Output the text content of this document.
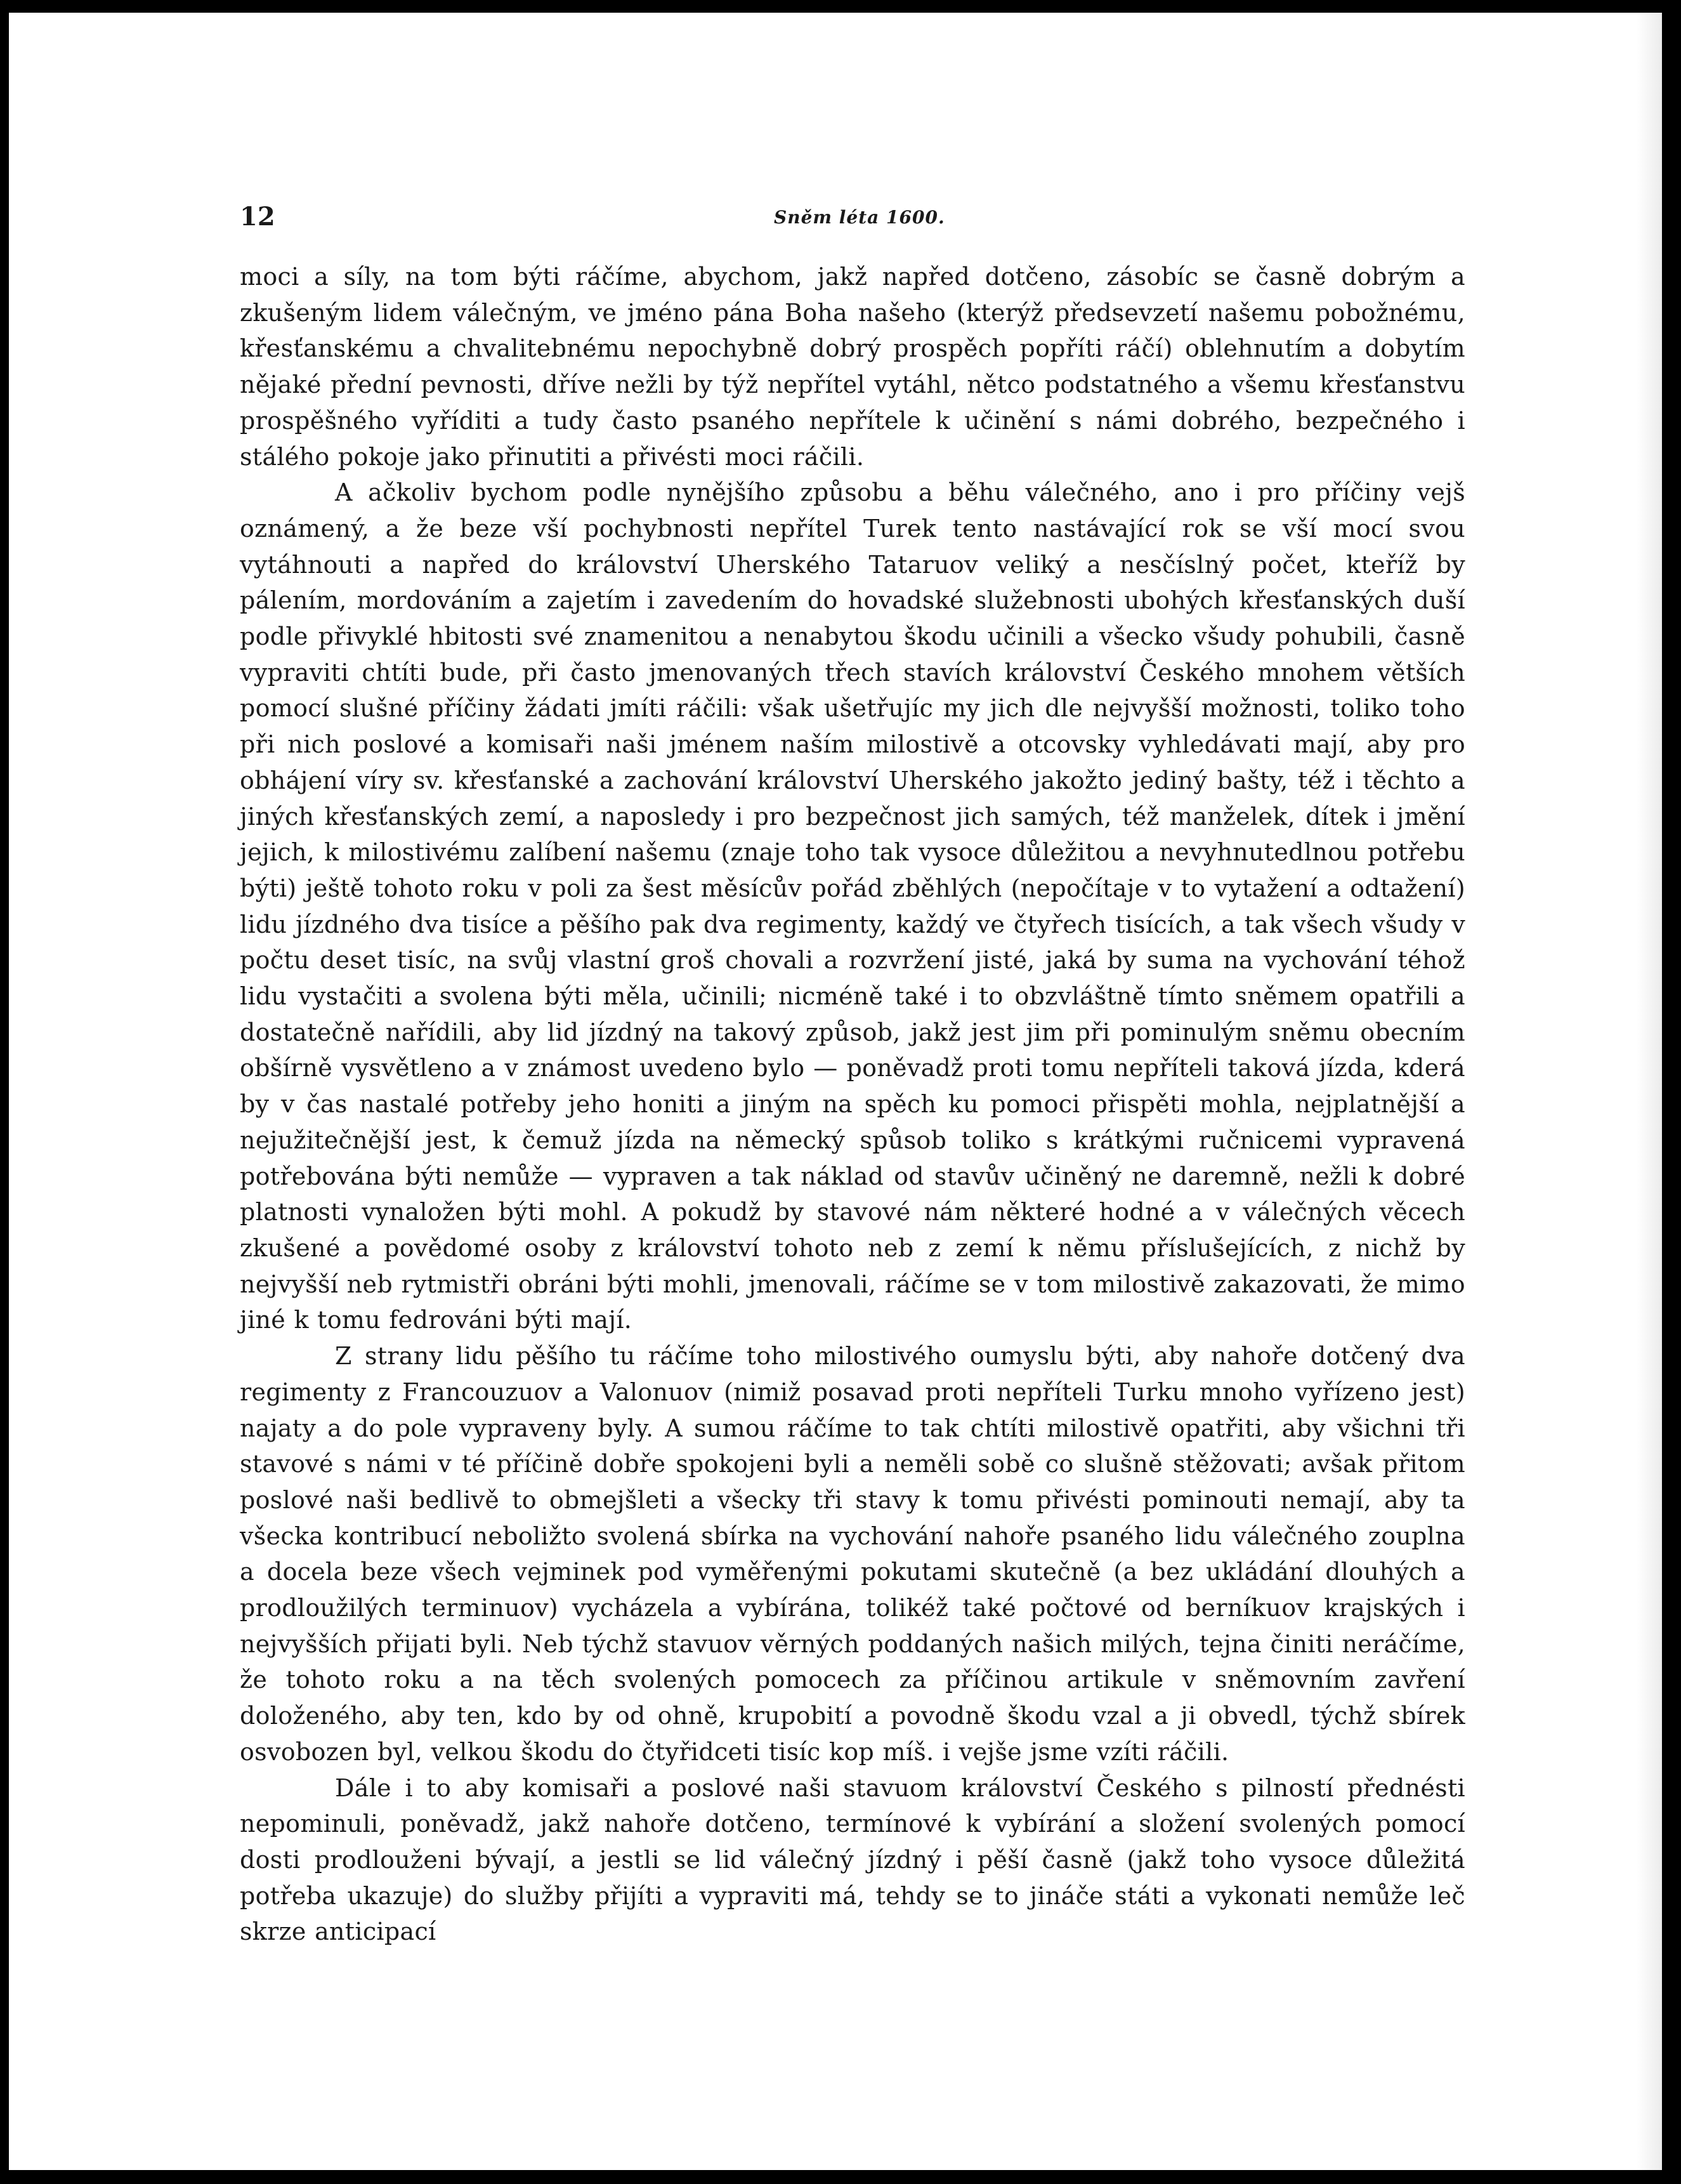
12	Sněm léta 1600.

moci a síly, na tom býti ráčíme, abychom, jakž napřed dotčeno, zásobíc se časně dobrým a zkušeným lidem válečným, ve jméno pána Boha našeho (kterýž předsevzetí našemu pobožnému, křesťanskému a chvalitebnému nepochybně dobrý prospěch popříti ráčí) oblehnutím a dobytím nějaké přední pevnosti, dříve nežli by týž nepřítel vytáhl, nětco podstatného a všemu křesťanstvu prospěšného vyříditi a tudy často psaného nepřítele k učinění s námi dobrého, bezpečného i stálého pokoje jako přinutiti a přivésti moci ráčili.

A ačkoliv bychom podle nynějšího způsobu a běhu válečného, ano i pro příčiny vejš oznámený, a že beze vší pochybnosti nepřítel Turek tento nastávající rok se vší mocí svou vytáhnouti a napřed do království Uherského Tataruov veliký a nesčíslný počet, kteříž by pálením, mordováním a zajetím i zavedením do hovadské služebnosti ubohých křesťanských duší podle přivyklé hbitosti své znamenitou a nenabytou škodu učinili a všecko všudy pohubili, časně vypraviti chtíti bude, při často jmenovaných třech stavích království Českého mnohem větších pomocí slušné příčiny žádati jmíti ráčili: však ušetřujíc my jich dle nejvyšší možnosti, toliko toho při nich poslové a komisaři naši jménem naším milostivě a otcovsky vyhledávati mají, aby pro obhájení víry sv. křesťanské a zachování království Uherského jakožto jediný bašty, též i těchto a jiných křesťanských zemí, a naposledy i pro bezpečnost jich samých, též manželek, dítek i jmění jejich, k milostivému zalíbení našemu (znaje toho tak vysoce důležitou a nevyhnutedlnou potřebu býti) ještě tohoto roku v poli za šest měsícův pořád zběhlých (nepočítaje v to vytažení a odtažení) lidu jízdného dva tisíce a pěšího pak dva regimenty, každý ve čtyřech tisících, a tak všech všudy v počtu deset tisíc, na svůj vlastní groš chovali a rozvržení jisté, jaká by suma na vychování téhož lidu vystačiti a svolena býti měla, učinili; nicméně také i to obzvláštně tímto sněmem opatřili a dostatečně nařídili, aby lid jízdný na takový způsob, jakž jest jim při pominulým sněmu obecním obšírně vysvětleno a v známost uvedeno bylo — poněvadž proti tomu nepříteli taková jízda, kderá by v čas nastalé potřeby jeho honiti a jiným na spěch ku pomoci přispěti mohla, nejplatnější a nejužitečnější jest, k čemuž jízda na německý spůsob toliko s krátkými ručnicemi vypravená potřebována býti nemůže — vypraven a tak náklad od stavův učiněný ne daremně, nežli k dobré platnosti vynaložen býti mohl. A pokudž by stavové nám některé hodné a v válečných věcech zkušené a povědomé osoby z království tohoto neb z zemí k němu příslušejících, z nichž by nejvyšší neb rytmistři obráni býti mohli, jmenovali, ráčíme se v tom milostivě zakazovati, že mimo jiné k tomu fedrováni býti mají.

Z strany lidu pěšího tu ráčíme toho milostivého oumyslu býti, aby nahoře dotčený dva regimenty z Francouzuov a Valonuov (nimiž posavad proti nepříteli Turku mnoho vyřízeno jest) najaty a do pole vypraveny byly. A sumou ráčíme to tak chtíti milostivě opatřiti, aby všichni tři stavové s námi v té příčině dobře spokojeni byli a neměli sobě co slušně stěžovati; avšak přitom poslové naši bedlivě to obmejšleti a všecky tři stavy k tomu přivésti pominouti nemají, aby ta všecka kontribucí neboližto svolená sbírka na vychování nahoře psaného lidu válečného zouplna a docela beze všech vejminek pod vyměřenými pokutami skutečně (a bez ukládání dlouhých a prodloužilých terminuov) vycházela a vybírána, tolikéž také počtové od berníkuov krajských i nejvyšších přijati byli. Neb týchž stavuov věrných poddaných našich milých, tejna činiti neráčíme, že tohoto roku a na těch svolených pomocech za příčinou artikule v sněmovním zavření doloženého, aby ten, kdo by od ohně, krupobití a povodně škodu vzal a ji obvedl, týchž sbírek osvobozen byl, velkou škodu do čtyřidceti tisíc kop míš. i vejše jsme vzíti ráčili.

Dále i to aby komisaři a poslové naši stavuom království Českého s pilností přednésti nepominuli, poněvadž, jakž nahoře dotčeno, termínové k vybírání a složení svolených pomocí dosti prodlouženi bývají, a jestli se lid válečný jízdný i pěší časně (jakž toho vysoce důležitá potřeba ukazuje) do služby přijíti a vypraviti má, tehdy se to jináče státi a vykonati nemůže leč skrze anticipací
